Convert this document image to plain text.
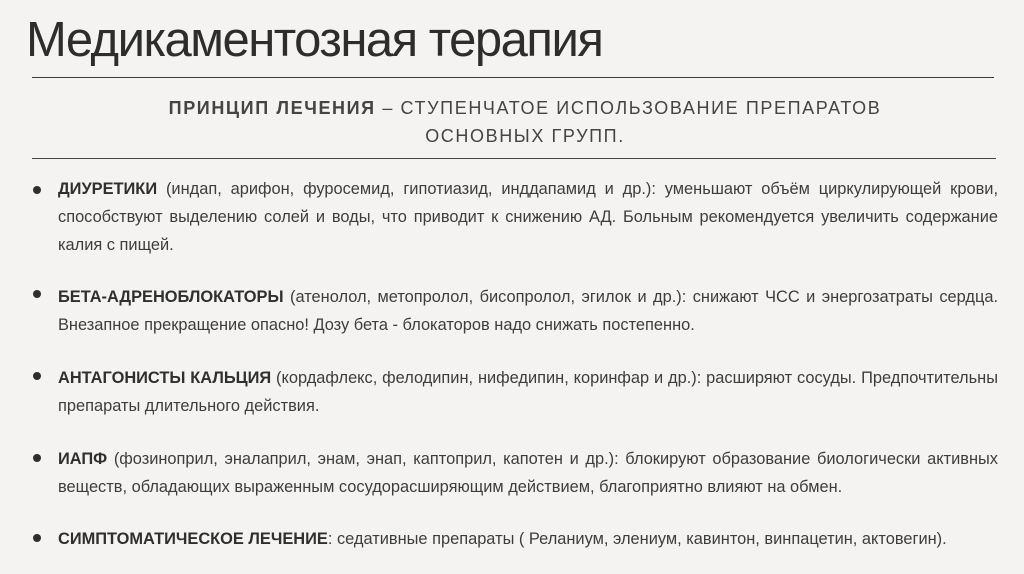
Медикаментозная терапия
ПРИНЦИП ЛЕЧЕНИЯ – СТУПЕНЧАТОЕ ИСПОЛЬЗОВАНИЕ ПРЕПАРАТОВ
ОСНОВНЫХ ГРУПП.
ДИУРЕТИКИ (индап, арифон, фуросемид, гипотиазид, инддапамид и др.): уменьшают объём циркулирующей крови, способствуют выделению солей и воды, что приводит к снижению АД. Больным рекомендуется увеличить содержание калия с пищей.
БЕТА-АДРЕНОБЛОКАТОРЫ (атенолол, метопролол, бисопролол, эгилок и др.): снижают ЧСС и энергозатраты сердца. Внезапное прекращение опасно! Дозу бета - блокаторов надо снижать постепенно.
АНТАГОНИСТЫ КАЛЬЦИЯ (кордафлекс, фелодипин, нифедипин, коринфар и др.): расширяют сосуды. Предпочтительны препараты длительного действия.
ИАПФ (фозиноприл, эналаприл, энам, энап, каптоприл, капотен и др.): блокируют образование биологически активных веществ, обладающих выраженным сосудорасширяющим действием, благоприятно влияют на обмен.
СИМПТОМАТИЧЕСКОЕ ЛЕЧЕНИЕ: седативные препараты ( Реланиум, элениум, кавинтон, винпацетин, актовегин).
